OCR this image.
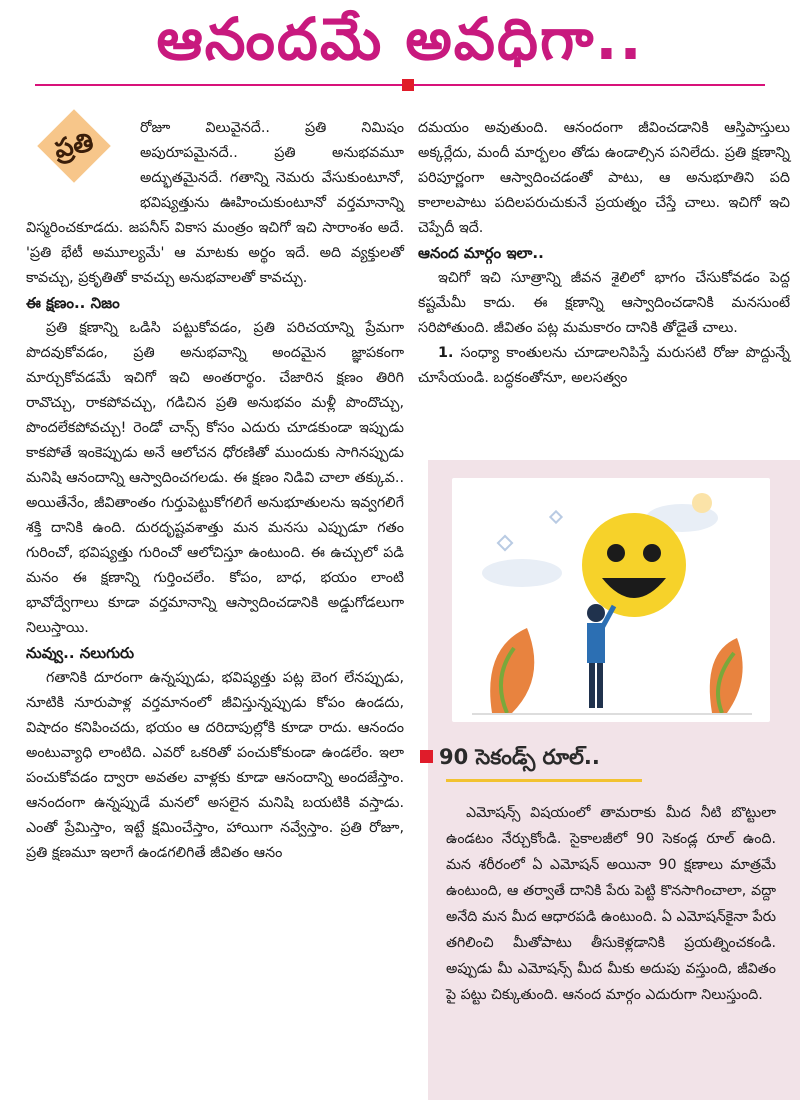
ఆనందమే అవధిగా..
ప్రతి	రోజూ విలువైనదే.. ప్రతి నిమిషం అపురూపమైనదే.. ప్రతి అనుభవమూ అద్భుతమైనదే. గతాన్ని నెమరు వేసుకుంటూనో, భవిష్యత్తును ఊహించుకుంటూనో వర్తమానాన్ని విస్మరించకూడదు. జపనీస్ వికాస మంత్రం ఇచిగో ఇచి సారాంశం అదే. 'ప్రతి భేటీ అమూల్యమే' ఆ మాటకు అర్థం ఇదే. అది వ్యక్తులతో కావచ్చు, ప్రకృతితో కావచ్చు అనుభవాలతో కావచ్చు.

ఈ క్షణం.. నిజం

ప్రతి క్షణాన్ని ఒడిసి పట్టుకోవడం, ప్రతి పరిచయాన్ని ప్రేమగా పొదవుకోవడం, ప్రతి అనుభవాన్ని అందమైన జ్ఞాపకంగా మార్చుకోవడమే ఇచిగో ఇచి అంతరార్థం. చేజారిన క్షణం తిరిగి రావొచ్చు, రాకపోవచ్చు, గడిచిన ప్రతి అనుభవం మళ్లీ పొందొచ్చు, పొందలేకపోవచ్చు! రెండో చాన్స్ కోసం ఎదురు చూడకుండా ఇప్పుడు కాకపోతే ఇంకెప్పుడు అనే ఆలోచన ధోరణితో ముందుకు సాగినప్పుడు మనిషి ఆనందాన్ని ఆస్వాదించగలడు. ఈ క్షణం నిడివి చాలా తక్కువ.. అయితేనేం, జీవితాంతం గుర్తుపెట్టుకోగలిగే అనుభూతులను ఇవ్వగలిగే శక్తి దానికి ఉంది. దురదృష్టవశాత్తు మన మనసు ఎప్పుడూ గతం గురించో, భవిష్యత్తు గురించో ఆలోచిస్తూ ఉంటుంది. ఈ ఉచ్చులో పడి మనం ఈ క్షణాన్ని గుర్తించలేం. కోపం, బాధ, భయం లాంటి భావోద్వేగాలు కూడా వర్తమానాన్ని ఆస్వాదించడానికి అడ్డుగోడలుగా నిలుస్తాయి.

నువ్వు.. నలుగురు

గతానికి దూరంగా ఉన్నప్పుడు, భవిష్యత్తు పట్ల బెంగ లేనప్పుడు, నూటికి నూరుపాళ్ల వర్తమానంలో జీవిస్తున్నప్పుడు కోపం ఉండదు, విషాదం కనిపించదు, భయం ఆ దరిదాపుల్లోకి కూడా రాదు. ఆనందం అంటువ్యాధి లాంటిది. ఎవరో ఒకరితో పంచుకోకుండా ఉండలేం. ఇలా పంచుకోవడం ద్వారా అవతల వాళ్లకు కూడా ఆనందాన్ని అందజేస్తాం. ఆనందంగా ఉన్నప్పుడే మనలో అసలైన మనిషి బయటికి వస్తాడు. ఎంతో ప్రేమిస్తాం, ఇట్టే క్షమించేస్తాం, హాయిగా నవ్వేస్తాం. ప్రతి రోజూ, ప్రతి క్షణమూ ఇలాగే ఉండగలిగితే జీవితం ఆనం

దమయం అవుతుంది. ఆనందంగా జీవించడానికి ఆస్తిపాస్తులు అక్కర్లేదు, మందీ మార్బలం తోడు ఉండాల్సిన పనిలేదు. ప్రతి క్షణాన్ని పరిపూర్ణంగా ఆస్వాదించడంతో పాటు, ఆ అనుభూతిని పది కాలాలపాటు పదిలపరుచుకునే ప్రయత్నం చేస్తే చాలు. ఇచిగో ఇచి చెప్పేదీ ఇదే.

ఆనంద మార్గం ఇలా..

ఇచిగో ఇచి సూత్రాన్ని జీవన శైలిలో భాగం చేసుకోవడం పెద్ద కష్టమేమీ కాదు. ఈ క్షణాన్ని ఆస్వాదించడానికి మనసుంటే సరిపోతుంది. జీవితం పట్ల మమకారం దానికి తోడైతే చాలు.

1. సంధ్యా కాంతులను చూడాలనిపిస్తే మరుసటి రోజు పొద్దున్నే చూసేయండి. బద్ధకంతోనూ, అలసత్వం

90 సెకండ్స్ రూల్..
ఎమోషన్స్ విషయంలో తామరాకు మీద నీటి బొట్టులా ఉండటం నేర్చుకోండి. సైకాలజీలో 90 సెకండ్ల రూల్ ఉంది. మన శరీరంలో ఏ ఎమోషన్ అయినా 90 క్షణాలు మాత్రమే ఉంటుంది, ఆ తర్వాతే దానికి పేరు పెట్టి కొనసాగించాలా, వద్దా అనేది మన మీద ఆధారపడి ఉంటుంది. ఏ ఎమోషన్‌కైనా పేరు తగిలించి మీతోపాటు తీసుకెళ్లడానికి ప్రయత్నించకండి. అప్పుడు మీ ఎమోషన్స్ మీద మీకు అదుపు వస్తుంది, జీవితం పై పట్టు చిక్కుతుంది. ఆనంద మార్గం ఎదురుగా నిలుస్తుంది.
